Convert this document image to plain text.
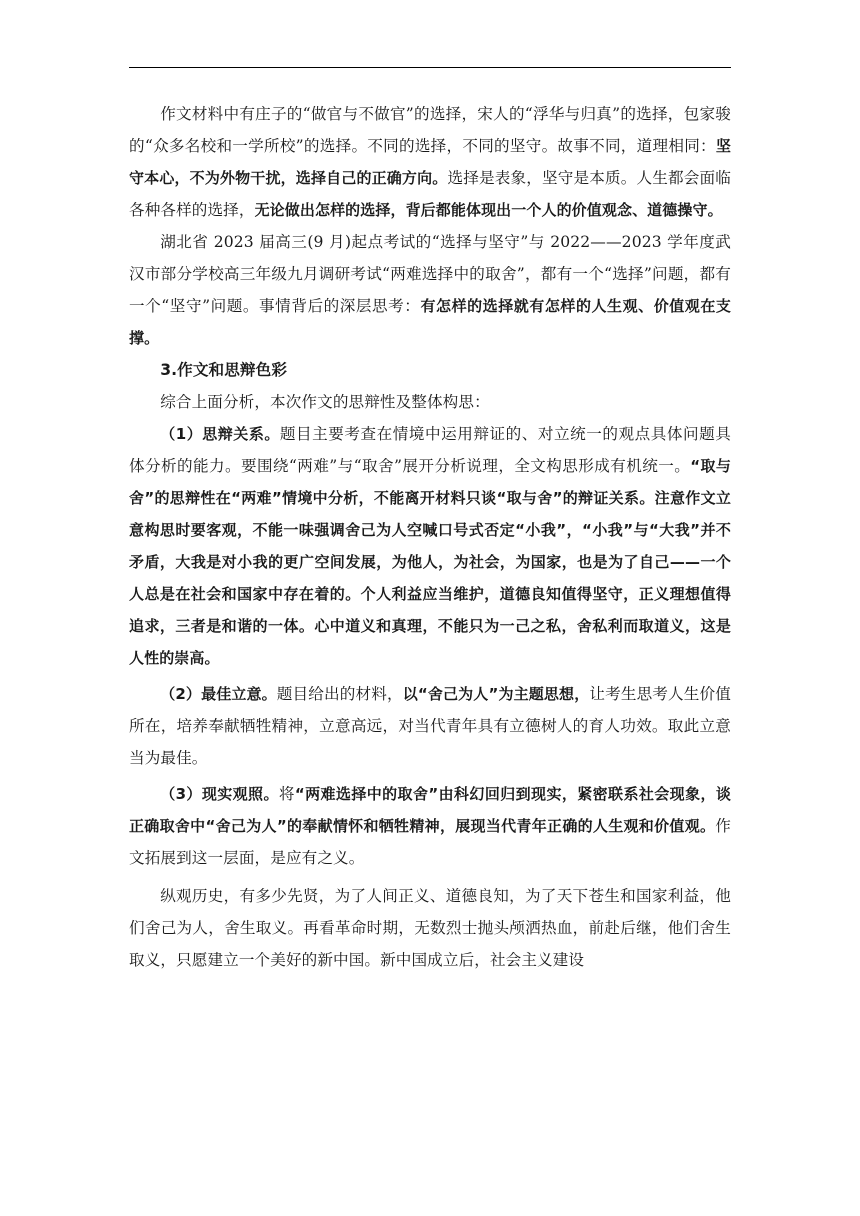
作文材料中有庄子的“做官与不做官”的选择，宋人的“浮华与归真”的选择，包家骏的“众多名校和一学所校”的选择。不同的选择，不同的坚守。故事不同，道理相同：坚守本心，不为外物干扰，选择自己的正确方向。选择是表象，坚守是本质。人生都会面临各种各样的选择，无论做出怎样的选择，背后都能体现出一个人的价值观念、道德操守。

湖北省 2023 届高三(9 月)起点考试的“选择与坚守”与 2022——2023 学年度武汉市部分学校高三年级九月调研考试“两难选择中的取舍”，都有一个“选择”问题，都有一个“坚守”问题。事情背后的深层思考：有怎样的选择就有怎样的人生观、价值观在支撑。

3.作文和思辩色彩

综合上面分析，本次作文的思辩性及整体构思：

（1）思辩关系。题目主要考查在情境中运用辩证的、对立统一的观点具体问题具体分析的能力。要围绕“两难”与“取舍”展开分析说理，全文构思形成有机统一。“取与舍”的思辩性在“两难”情境中分析，不能离开材料只谈“取与舍”的辩证关系。注意作文立意构思时要客观，不能一味强调舍己为人空喊口号式否定“小我”，“小我”与“大我”并不矛盾，大我是对小我的更广空间发展，为他人，为社会，为国家，也是为了自己——一个人总是在社会和国家中存在着的。个人利益应当维护，道德良知值得坚守，正义理想值得追求，三者是和谐的一体。心中道义和真理，不能只为一己之私，舍私利而取道义，这是人性的崇高。

（2）最佳立意。题目给出的材料，以“舍己为人”为主题思想，让考生思考人生价值所在，培养奉献牺牲精神，立意高远，对当代青年具有立德树人的育人功效。取此立意当为最佳。

（3）现实观照。将“两难选择中的取舍”由科幻回归到现实，紧密联系社会现象，谈正确取舍中“舍己为人”的奉献情怀和牺牲精神，展现当代青年正确的人生观和价值观。作文拓展到这一层面，是应有之义。

纵观历史，有多少先贤，为了人间正义、道德良知，为了天下苍生和国家利益，他们舍己为人，舍生取义。再看革命时期，无数烈士抛头颅洒热血，前赴后继，他们舍生取义，只愿建立一个美好的新中国。新中国成立后，社会主义建设
